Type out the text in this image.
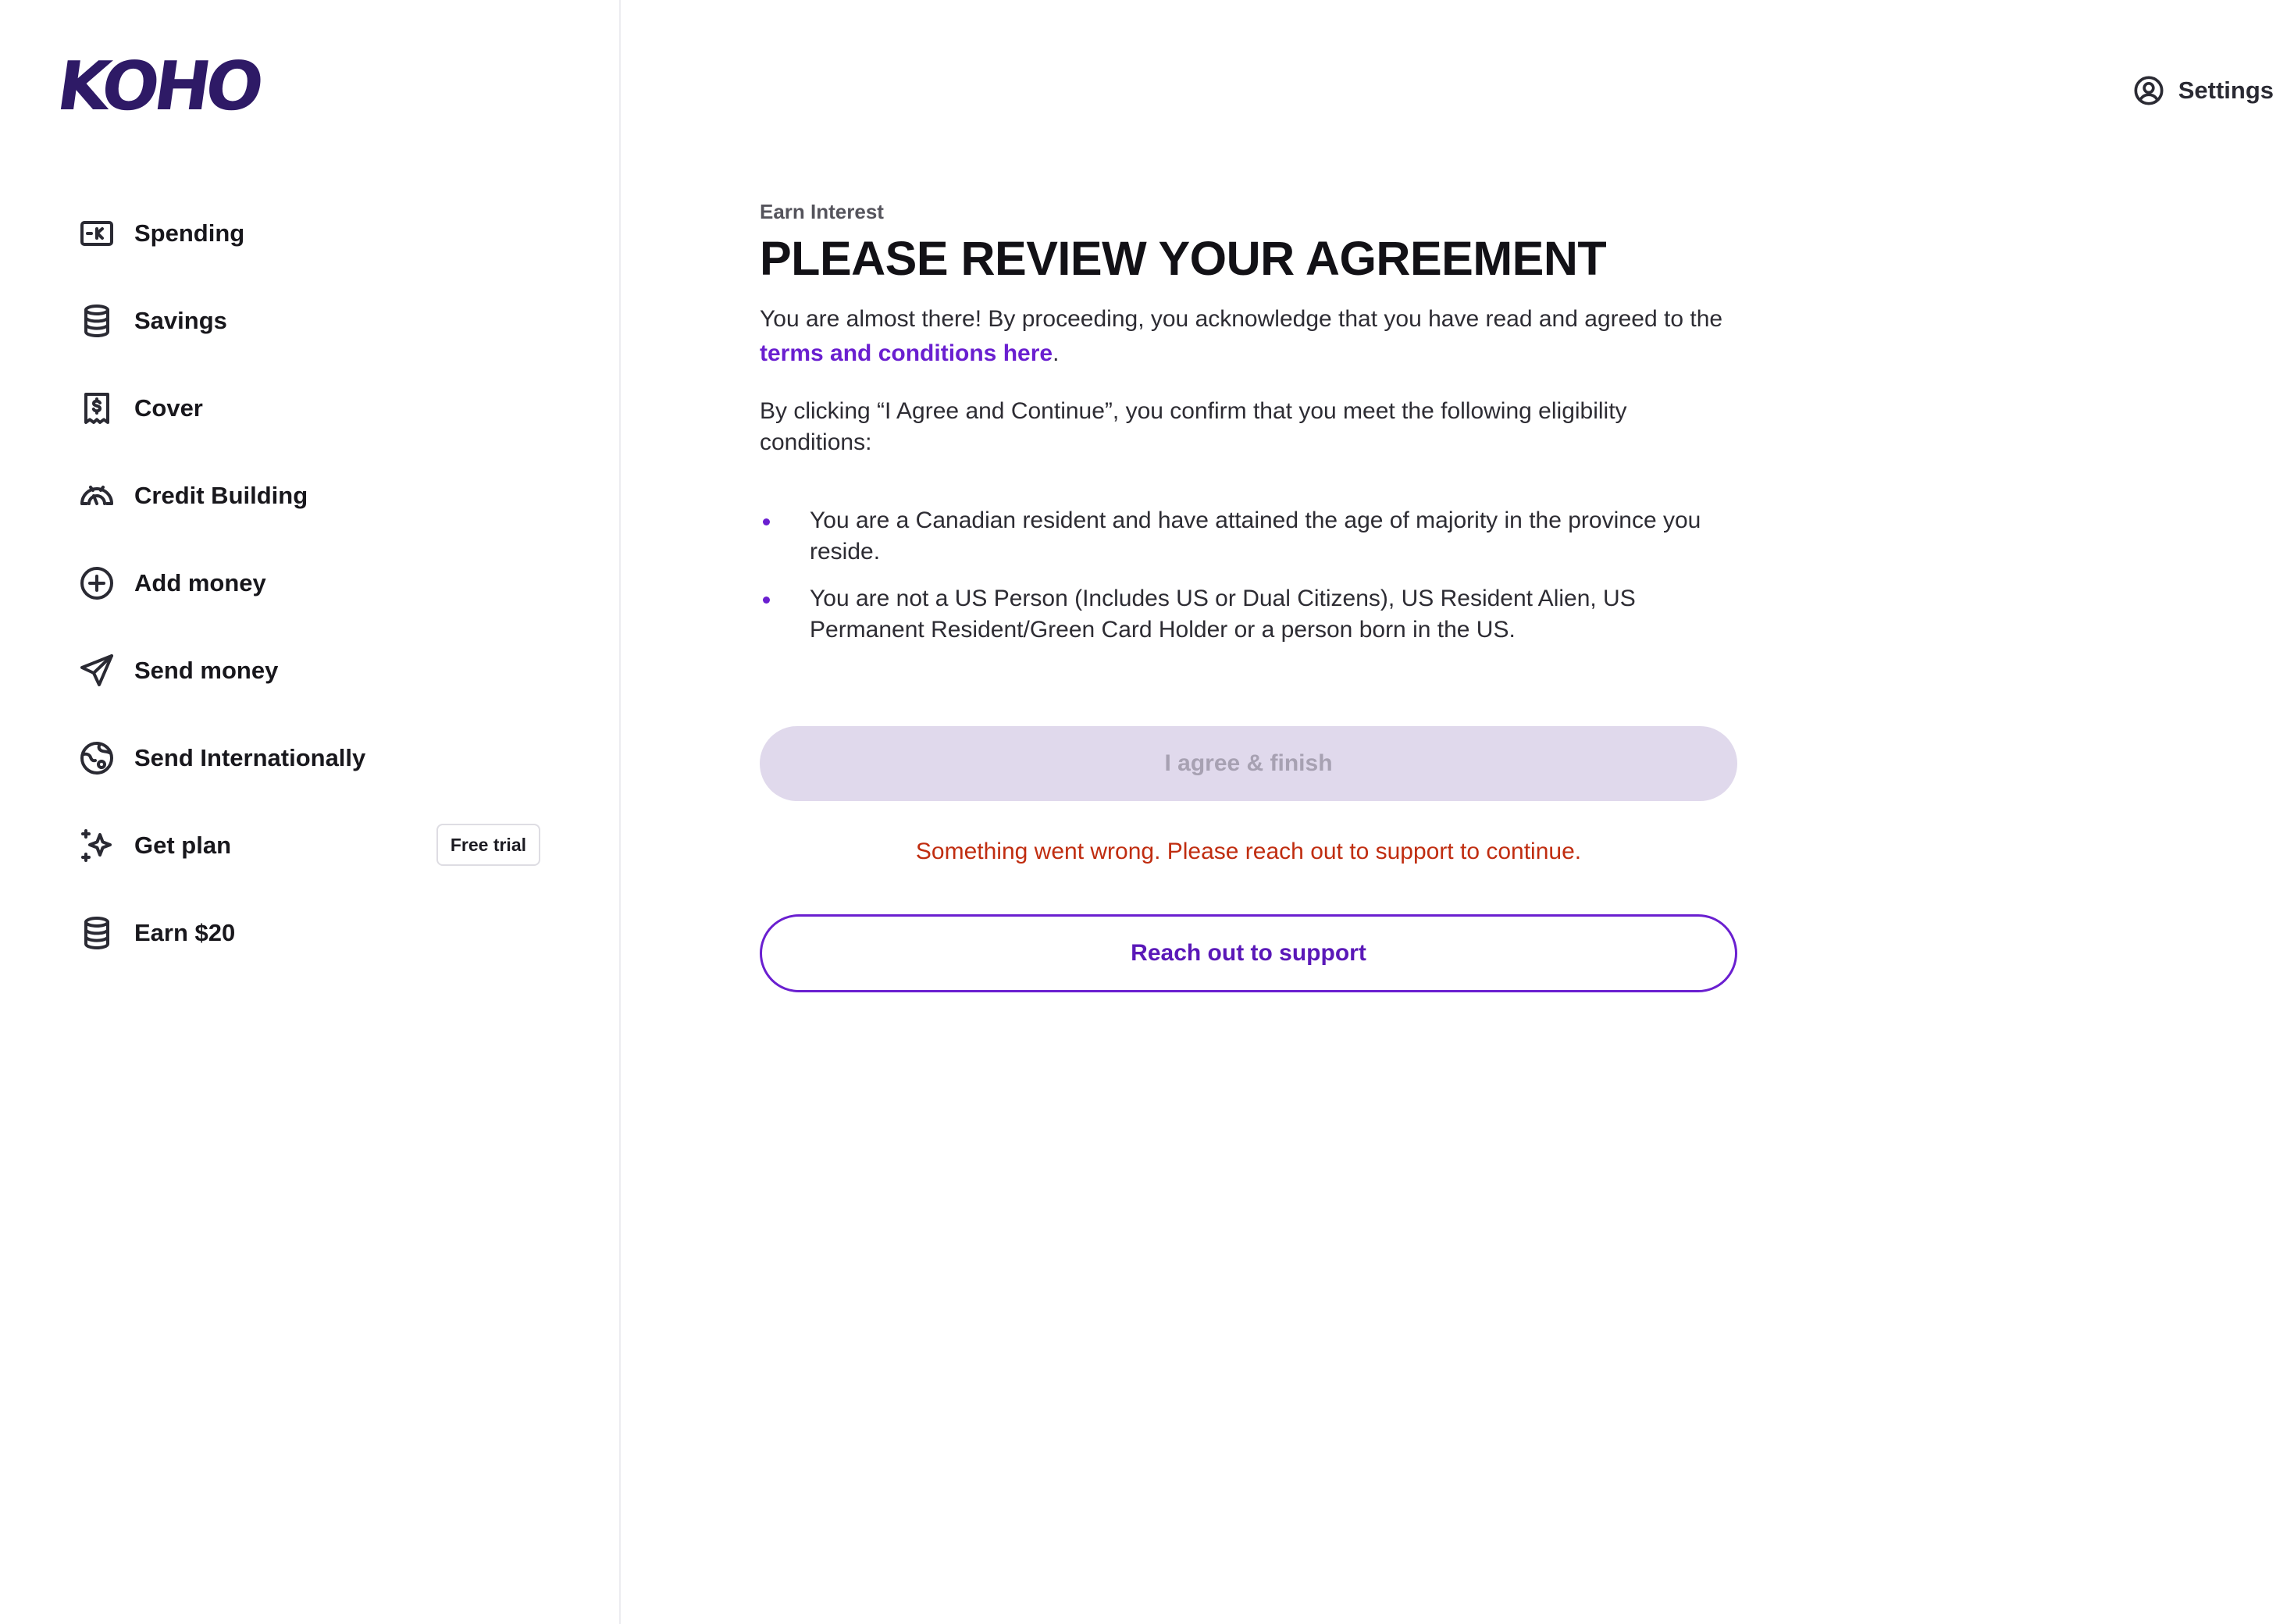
KOHO
Spending
Savings
Cover
Credit Building
Add money
Send money
Send Internationally
Get plan	Free trial
Earn $20
Settings
Earn Interest
PLEASE REVIEW YOUR AGREEMENT

You are almost there! By proceeding, you acknowledge that you have read and agreed to the terms and conditions here.

By clicking “I Agree and Continue”, you confirm that you meet the following eligibility conditions:

You are a Canadian resident and have attained the age of majority in the province you reside.
You are not a US Person (Includes US or Dual Citizens), US Resident Alien, US Permanent Resident/Green Card Holder or a person born in the US.
I agree & finish
Something went wrong. Please reach out to support to continue.
Reach out to support
